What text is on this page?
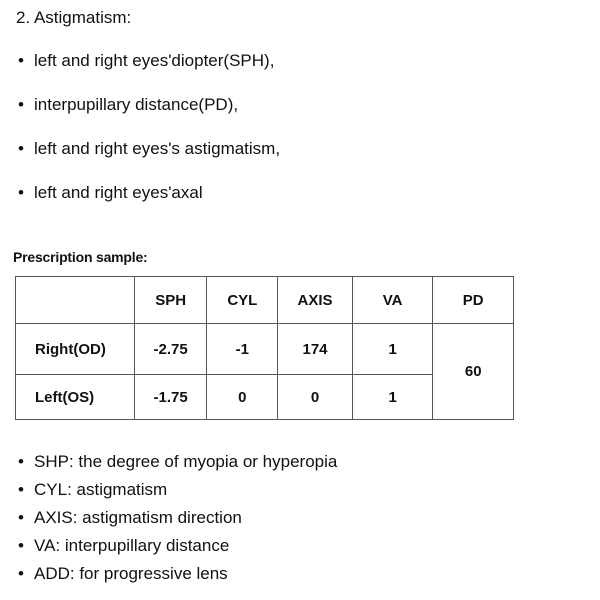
2. Astigmatism:
• left and right eyes'diopter(SPH),
• interpupillary distance(PD),
• left and right eyes's astigmatism,
• left and right eyes'axal
Prescription sample:
	SPH	CYL	AXIS	VA	PD
Right(OD)	-2.75	-1	174	1	60
Left(OS)	-1.75	0	0	1	
• SHP: the degree of myopia or hyperopia
• CYL: astigmatism
• AXIS: astigmatism direction
• VA: interpupillary distance
• ADD: for progressive lens
